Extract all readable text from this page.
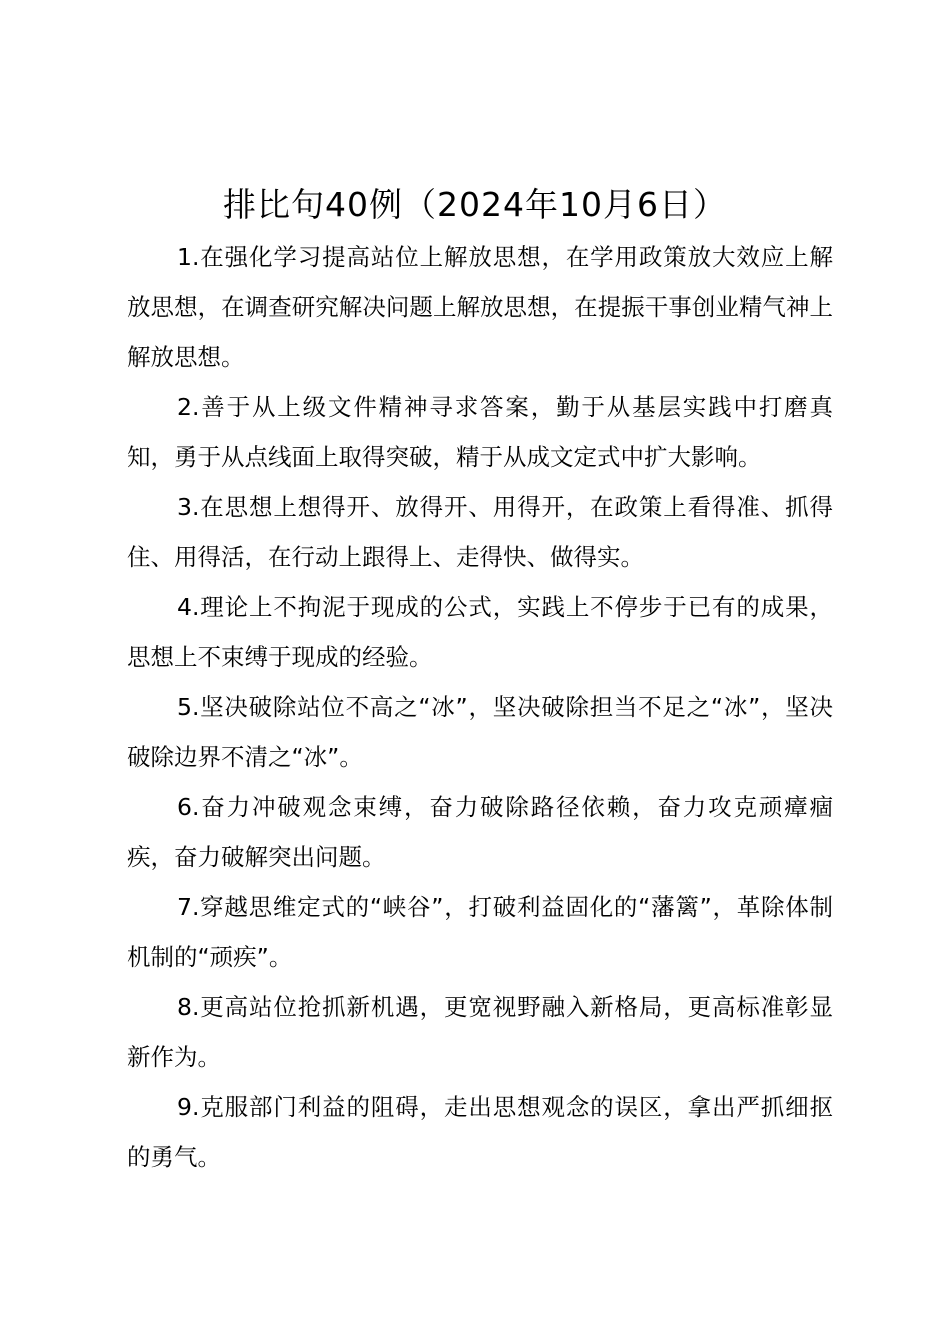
排比句40例（2024年10月6日）

1.在强化学习提高站位上解放思想，在学用政策放大效应上解放思想，在调查研究解决问题上解放思想，在提振干事创业精气神上解放思想。

2.善于从上级文件精神寻求答案，勤于从基层实践中打磨真知，勇于从点线面上取得突破，精于从成文定式中扩大影响。

3.在思想上想得开、放得开、用得开，在政策上看得准、抓得住、用得活，在行动上跟得上、走得快、做得实。

4.理论上不拘泥于现成的公式，实践上不停步于已有的成果，思想上不束缚于现成的经验。

5.坚决破除站位不高之“冰”，坚决破除担当不足之“冰”，坚决破除边界不清之“冰”。

6.奋力冲破观念束缚，奋力破除路径依赖，奋力攻克顽瘴痼疾，奋力破解突出问题。

7.穿越思维定式的“峡谷”，打破利益固化的“藩篱”，革除体制机制的“顽疾”。

8.更高站位抢抓新机遇，更宽视野融入新格局，更高标准彰显新作为。

9.克服部门利益的阻碍，走出思想观念的误区，拿出严抓细抠的勇气。
